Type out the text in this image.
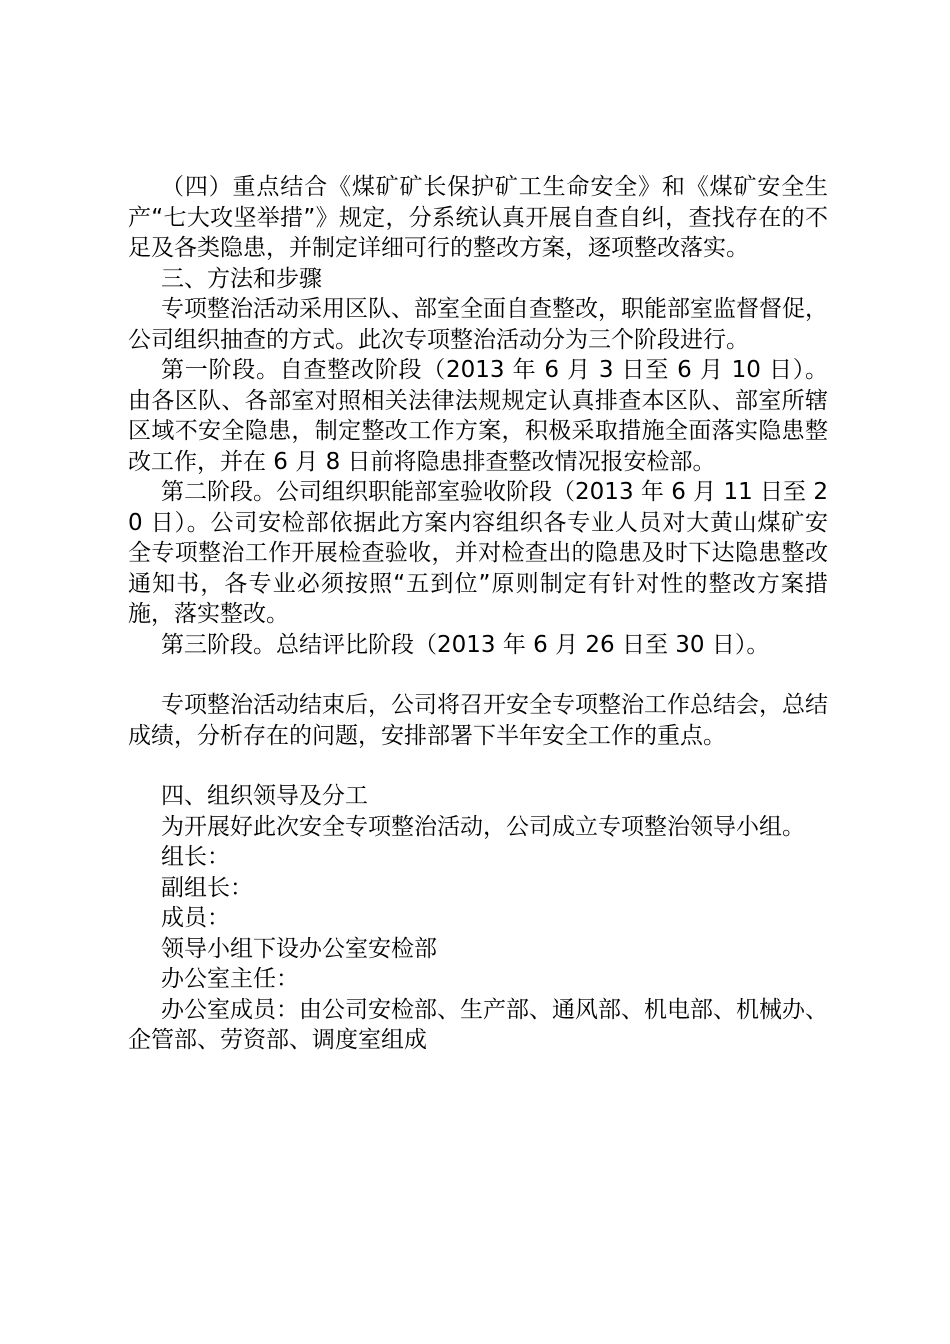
（四）重点结合《煤矿矿长保护矿工生命安全》和《煤矿安全生产“七大攻坚举措”》规定，分系统认真开展自查自纠，查找存在的不足及各类隐患，并制定详细可行的整改方案，逐项整改落实。

三、方法和步骤

专项整治活动采用区队、部室全面自查整改，职能部室监督督促，公司组织抽查的方式。此次专项整治活动分为三个阶段进行。

第一阶段。自查整改阶段（2013 年 6 月 3 日至 6 月 10 日）。由各区队、各部室对照相关法律法规规定认真排查本区队、部室所辖区域不安全隐患，制定整改工作方案，积极采取措施全面落实隐患整改工作，并在 6 月 8 日前将隐患排查整改情况报安检部。

第二阶段。公司组织职能部室验收阶段（2013 年 6 月 11 日至 20 日）。公司安检部依据此方案内容组织各专业人员对大黄山煤矿安全专项整治工作开展检查验收，并对检查出的隐患及时下达隐患整改通知书，各专业必须按照“五到位”原则制定有针对性的整改方案措施，落实整改。

第三阶段。总结评比阶段（2013 年 6 月 26 日至 30 日）。

专项整治活动结束后，公司将召开安全专项整治工作总结会，总结成绩，分析存在的问题，安排部署下半年安全工作的重点。

四、组织领导及分工

为开展好此次安全专项整治活动，公司成立专项整治领导小组。

组长：

副组长：

成员：

领导小组下设办公室安检部

办公室主任：

办公室成员：由公司安检部、生产部、通风部、机电部、机械办、企管部、劳资部、调度室组成
